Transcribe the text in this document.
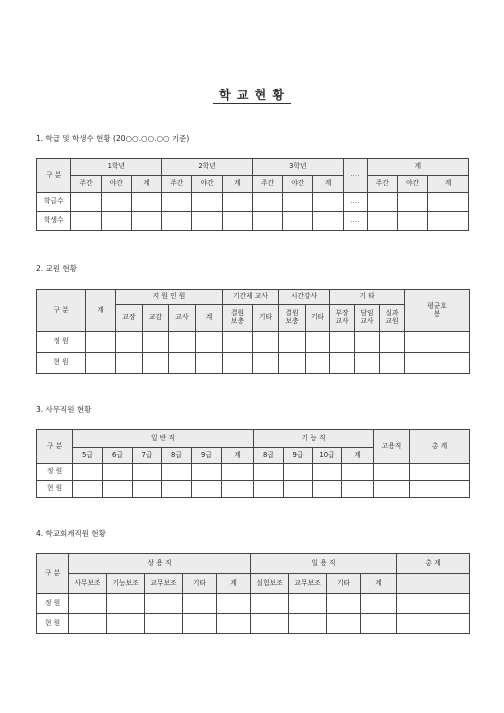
학 교 현 황
1. 학급 및 학생수 현황 (20○○.○○.○○ 기준)
구 분	1학년			2학년			3학년			....	계		
	주간	야간	계	주간	야간	계	주간	야간	계		주간	야간	계
학급수										....			
학생수										....			
2. 교원 현황
구 분	계	지 원 인 원				기간제 교사		시간강사		기 타			평균호봉
		교장	교감	교사	계	결원보충	기타	결원보충	기타	부장교사	담임교사	실과교원	
정 원													
현 원													
3. 사무직원 현황
구 분	일 반 직						기 능 직				고용직	총 계
	5급	6급	7급	8급	9급	계	8급	9급	10급	계		
정 원												
현 원												
4. 학교회계직원 현황
구 분	상 용 직					일 용 직				총 계
	사무보조	기능보조	교무보조	기타	계	실험보조	교무보조	기타	계	
정 원										
현 원										
